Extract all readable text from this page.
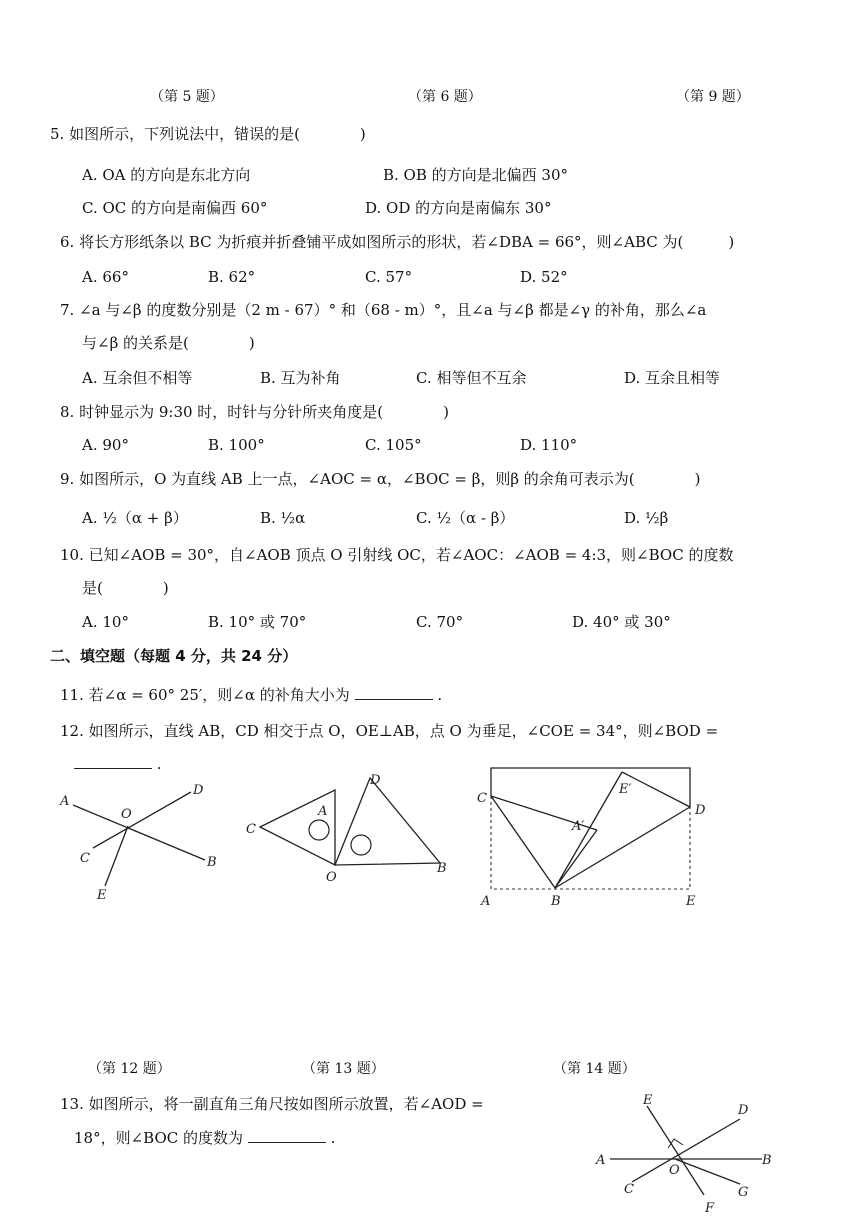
（第 5 题）	（第 6 题）	（第 9 题）
5. 如图所示，下列说法中，错误的是(　　　　)
A. OA 的方向是东北方向	B. OB 的方向是北偏西 30°
C. OC 的方向是南偏西 60°	D. OD 的方向是南偏东 30°
6. 将长方形纸条以 BC 为折痕并折叠铺平成如图所示的形状，若∠DBA = 66°，则∠ABC 为(　　　)
A. 66°	B. 62°	C. 57°	D. 52°
7. ∠a 与∠β 的度数分别是（2 m - 67）° 和（68 - m）°，且∠a 与∠β 都是∠γ 的补角，那么∠a
与∠β 的关系是(　　　　)
A. 互余但不相等	B. 互为补角	C. 相等但不互余	D. 互余且相等
8. 时钟显示为 9:30 时，时针与分针所夹角度是(　　　　)
A. 90°	B. 100°	C. 105°	D. 110°
9. 如图所示，O 为直线 AB 上一点，∠AOC = α，∠BOC = β，则β 的余角可表示为(　　　　)
A. ½（α + β）	B. ½α	C. ½（α - β）	D. ½β
10. 已知∠AOB = 30°，自∠AOB 顶点 O 引射线 OC，若∠AOC：∠AOB = 4:3，则∠BOC 的度数
是(　　　　)
A. 10°	B. 10° 或 70°	C. 70°	D. 40° 或 30°
二、填空题（每题 4 分，共 24 分）
11. 若∠α = 60° 25′，则∠α 的补角大小为	.
12. 如图所示，直线 AB，CD 相交于点 O，OE⊥AB，点 O 为垂足，∠COE = 34°，则∠BOD =
.
A
O
D
C	B
E
D
A
C
O
B
C
E′
A′
D
A	B	E
（第 12 题）	（第 13 题）	（第 14 题）
13. 如图所示，将一副直角三角尺按如图所示放置，若∠AOD =
18°，则∠BOC 的度数为	.
E
D
A	B
O
C	G
F
